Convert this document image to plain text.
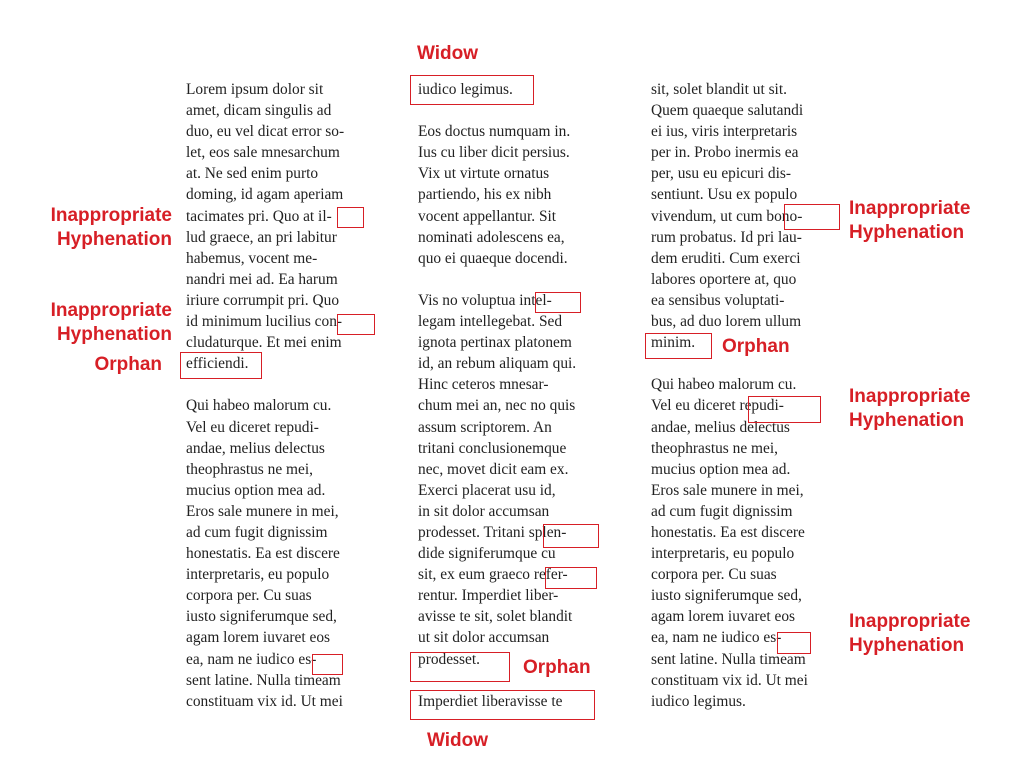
Lorem ipsum dolor sit
amet, dicam singulis ad
duo, eu vel dicat error so-
let, eos sale mnesarchum
at. Ne sed enim purto
doming, id agam aperiam
tacimates pri. Quo at il-
lud graece, an pri labitur
habemus, vocent me-
nandri mei ad. Ea harum
iriure corrumpit pri. Quo
id minimum lucilius con-
cludaturque. Et mei enim
efficiendi.
Qui habeo malorum cu.
Vel eu diceret repudi-
andae, melius delectus
theophrastus ne mei,
mucius option mea ad.
Eros sale munere in mei,
ad cum fugit dignissim
honestatis. Ea est discere
interpretaris, eu populo
corpora per. Cu suas
iusto signiferumque sed,
agam lorem iuvaret eos
ea, nam ne iudico es-
sent latine. Nulla timeam
constituam vix id. Ut mei
iudico legimus.
Eos doctus numquam in.
Ius cu liber dicit persius.
Vix ut virtute ornatus
partiendo, his ex nibh
vocent appellantur. Sit
nominati adolescens ea,
quo ei quaeque docendi.
Vis no voluptua intel-
legam intellegebat. Sed
ignota pertinax platonem
id, an rebum aliquam qui.
Hinc ceteros mnesar-
chum mei an, nec no quis
assum scriptorem. An
tritani conclusionemque
nec, movet dicit eam ex.
Exerci placerat usu id,
in sit dolor accumsan
prodesset. Tritani splen-
dide signiferumque cu
sit, ex eum graeco refer-
rentur. Imperdiet liber-
avisse te sit, solet blandit
ut sit dolor accumsan
prodesset.
Imperdiet liberavisse te
sit, solet blandit ut sit.
Quem quaeque salutandi
ei ius, viris interpretaris
per in. Probo inermis ea
per, usu eu epicuri dis-
sentiunt. Usu ex populo
vivendum, ut cum bono-
rum probatus. Id pri lau-
dem eruditi. Cum exerci
labores oportere at, quo
ea sensibus voluptati-
bus, ad duo lorem ullum
minim.
Qui habeo malorum cu.
Vel eu diceret repudi-
andae, melius delectus
theophrastus ne mei,
mucius option mea ad.
Eros sale munere in mei,
ad cum fugit dignissim
honestatis. Ea est discere
interpretaris, eu populo
corpora per. Cu suas
iusto signiferumque sed,
agam lorem iuvaret eos
ea, nam ne iudico es-
sent latine. Nulla timeam
constituam vix id. Ut mei
iudico legimus.
Widow
Widow
Inappropriate
Hyphenation
Inappropriate
Hyphenation
Orphan
Orphan
Inappropriate
Hyphenation
Orphan
Inappropriate
Hyphenation
Inappropriate
Hyphenation
